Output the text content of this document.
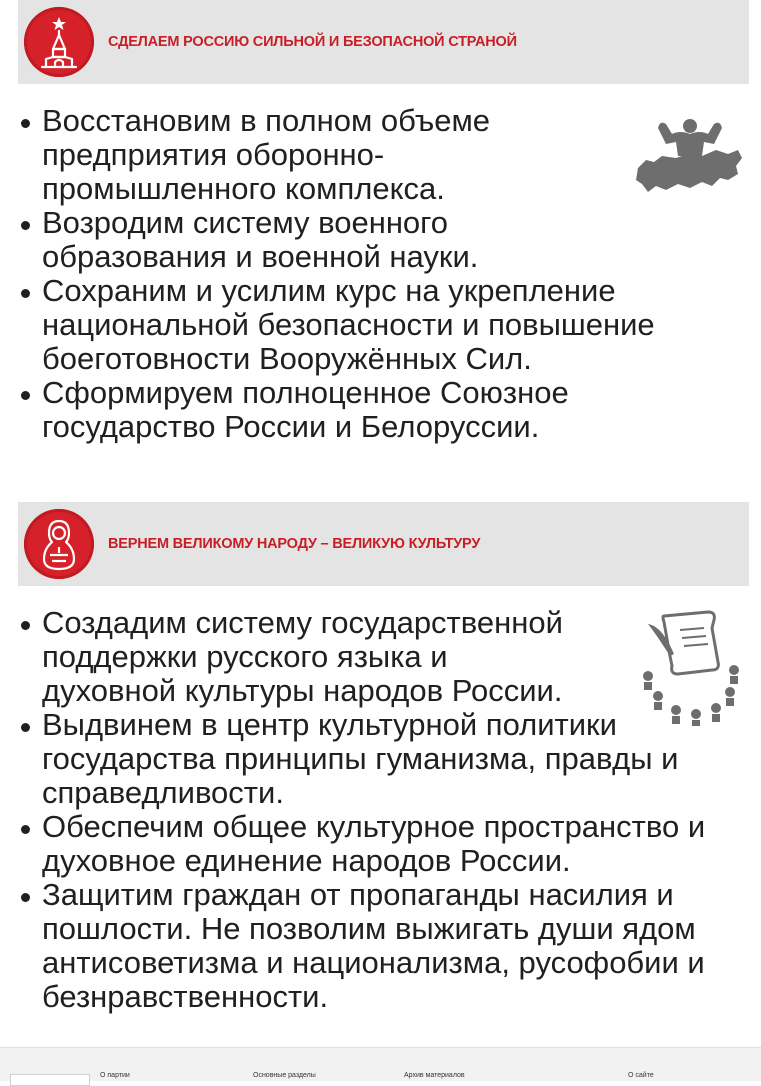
СДЕЛАЕМ РОССИЮ СИЛЬНОЙ И БЕЗОПАСНОЙ СТРАНОЙ
Восстановим в полном объеме предприятия оборонно-промышленного комплекса.
Возродим систему военного образования и военной науки.
Сохраним и усилим курс на укрепление национальной безопасности и повышение боеготовности Вооружённых Сил.
Сформируем полноценное Союзное государство России и Белоруссии.
ВЕРНЕМ ВЕЛИКОМУ НАРОДУ – ВЕЛИКУЮ КУЛЬТУРУ
Создадим систему государственной поддержки русского языка и духовной культуры народов России.
Выдвинем в центр культурной политики государства принципы гуманизма, правды и справедливости.
Обеспечим общее культурное пространство и духовное единение народов России.
Защитим граждан от пропаганды насилия и пошлости. Не позволим выжигать души ядом антисоветизма и национализма, русофобии и безнравственности.
О партии	Основные разделы	Архив материалов	О сайте
